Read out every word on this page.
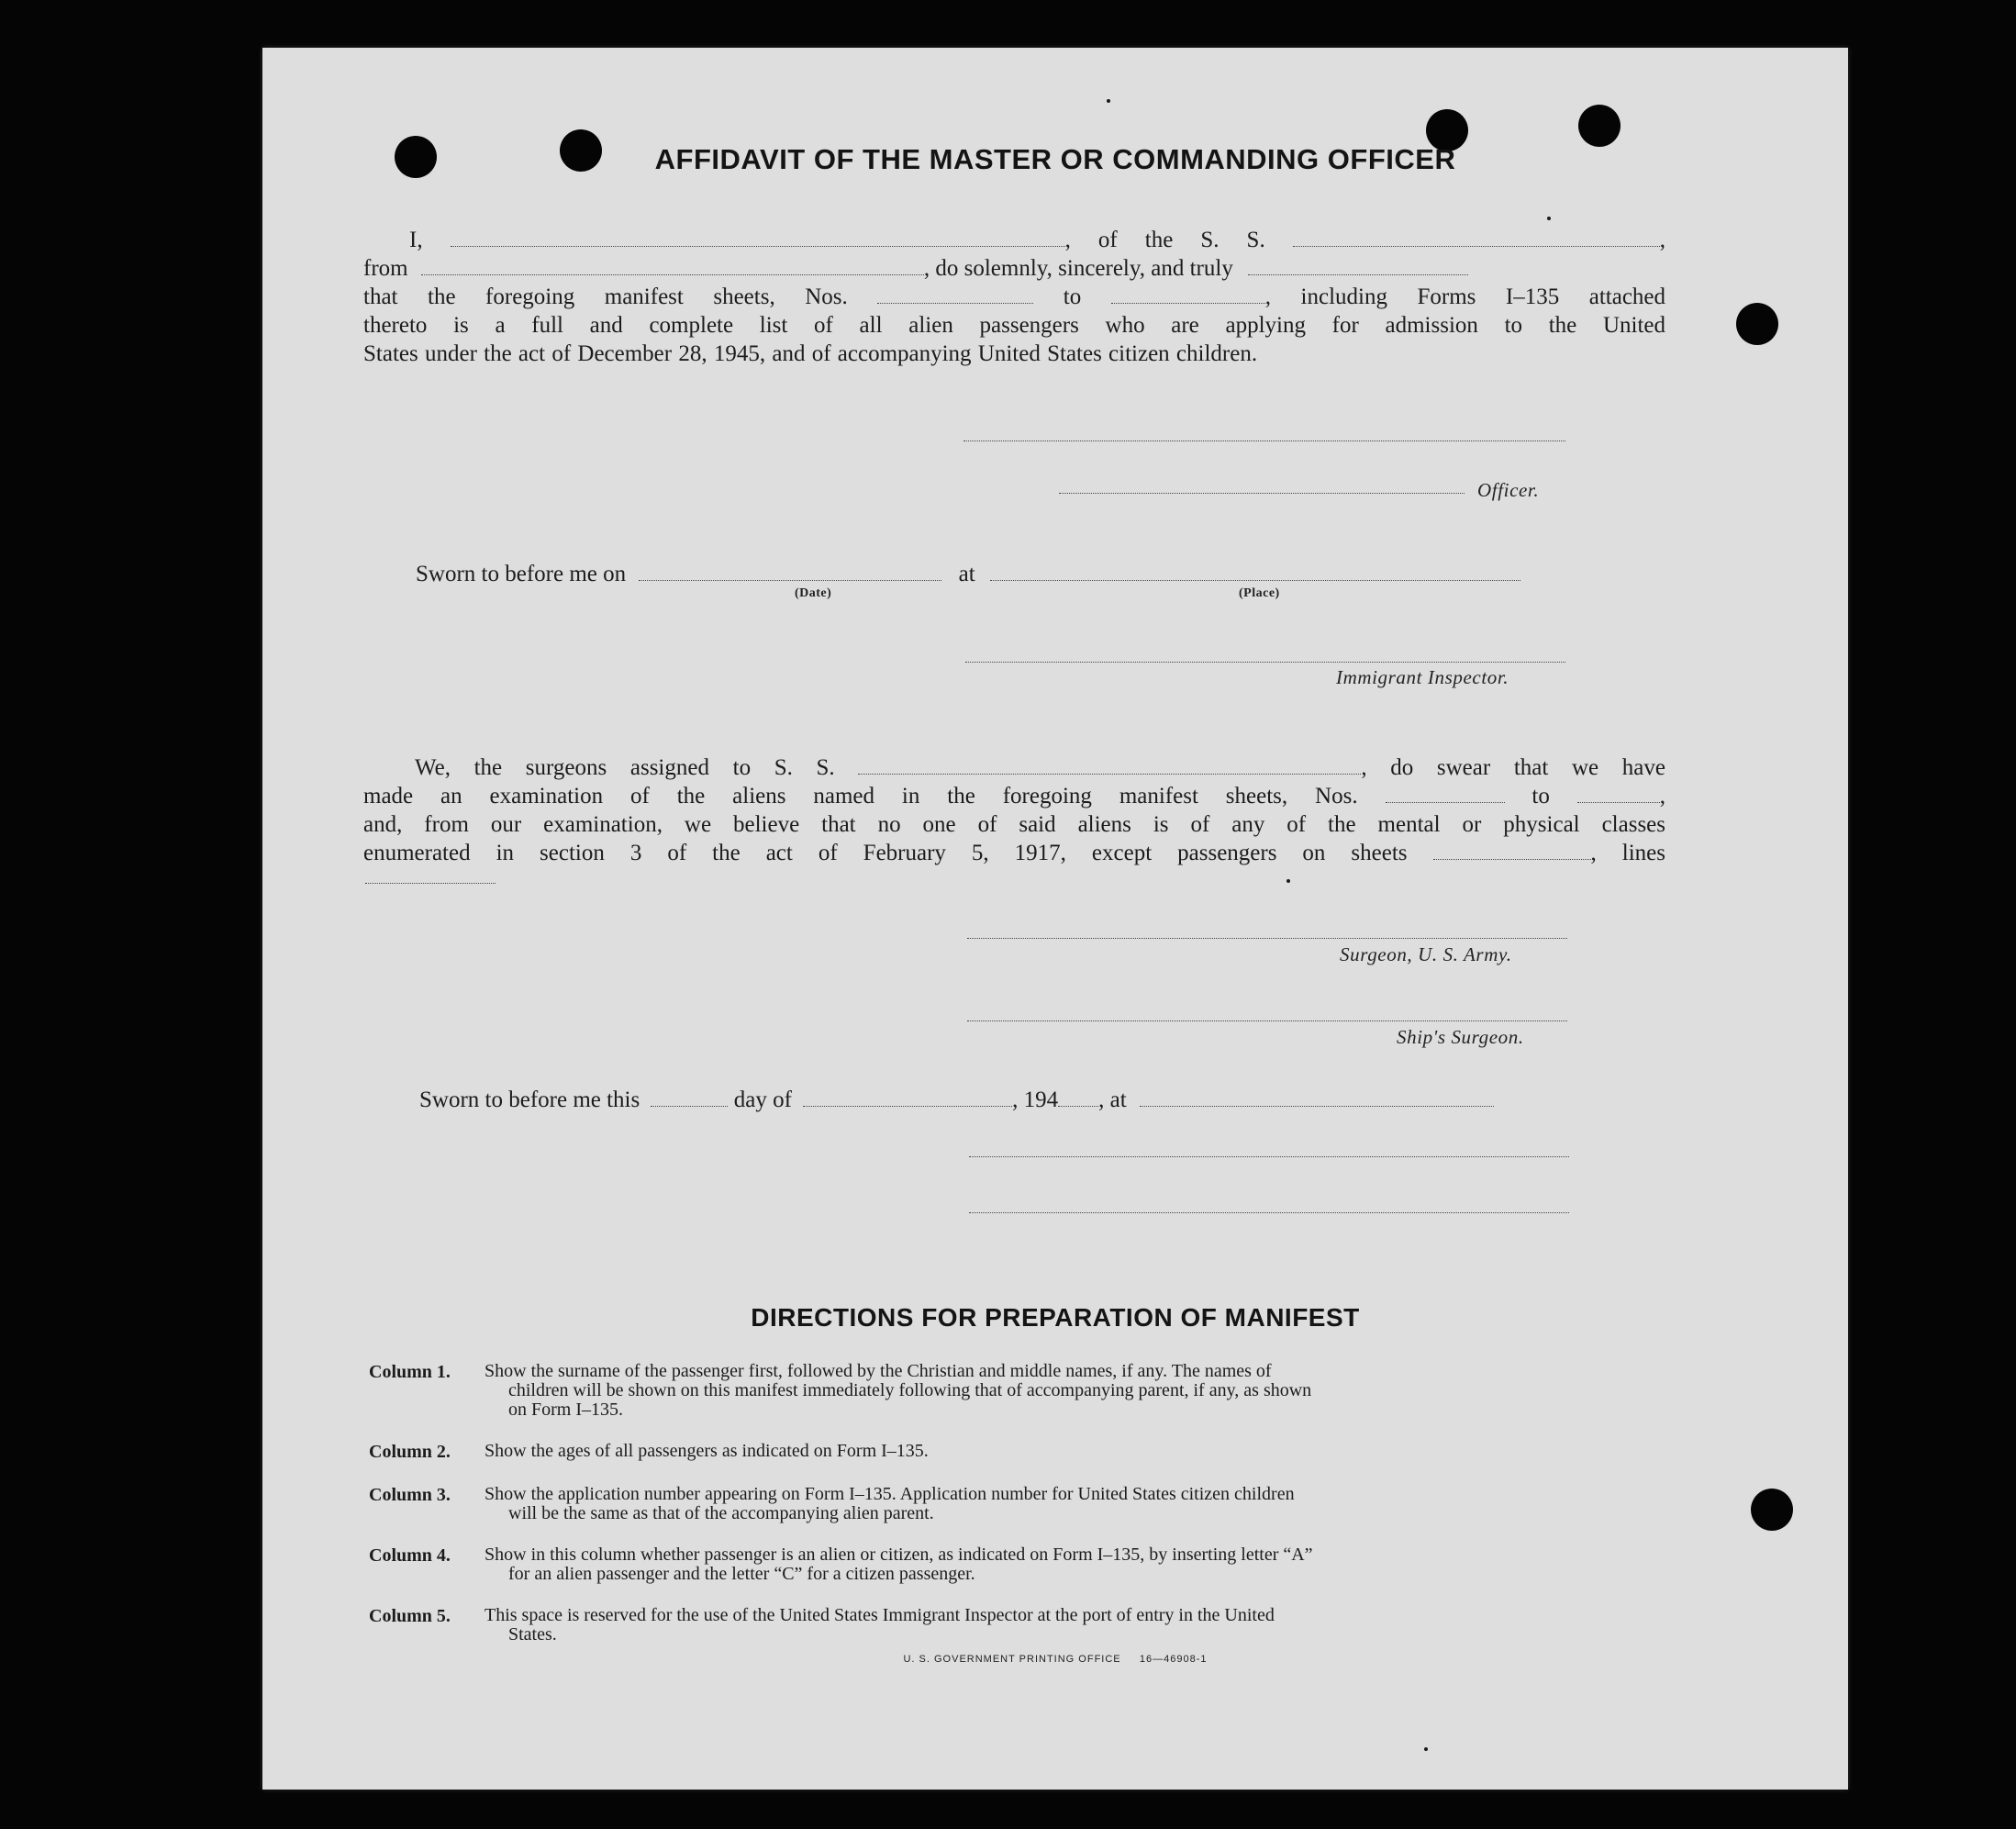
AFFIDAVIT OF THE MASTER OR COMMANDING OFFICER
I,	, of the S. S.	,
from	, do solemnly, sincerely, and truly
that the foregoing manifest sheets, Nos.	to	, including Forms I–135 attached
thereto is a full and complete list of all alien passengers who are applying for admission to the United
States under the act of December 28, 1945, and of accompanying United States citizen children.
Officer.
Sworn to before me on	at
(Date)	(Place)
Immigrant Inspector.
We, the surgeons assigned to S. S.	, do swear that we have
made an examination of the aliens named in the foregoing manifest sheets, Nos.	to	,
and, from our examination, we believe that no one of said aliens is of any of the mental or physical classes
enumerated in section 3 of the act of February 5, 1917, except passengers on sheets	, lines
Surgeon, U. S. Army.
Ship's Surgeon.
Sworn to before me this	day of	, 194 , at
DIRECTIONS FOR PREPARATION OF MANIFEST
Column 1. Show the surname of the passenger first, followed by the Christian and middle names, if any. The names of
children will be shown on this manifest immediately following that of accompanying parent, if any, as shown
on Form I–135.
Column 2. Show the ages of all passengers as indicated on Form I–135.
Column 3. Show the application number appearing on Form I–135. Application number for United States citizen children
will be the same as that of the accompanying alien parent.
Column 4. Show in this column whether passenger is an alien or citizen, as indicated on Form I–135, by inserting letter “A”
for an alien passenger and the letter “C” for a citizen passenger.
Column 5. This space is reserved for the use of the United States Immigrant Inspector at the port of entry in the United
States.
U. S. GOVERNMENT PRINTING OFFICE     16—46908-1
